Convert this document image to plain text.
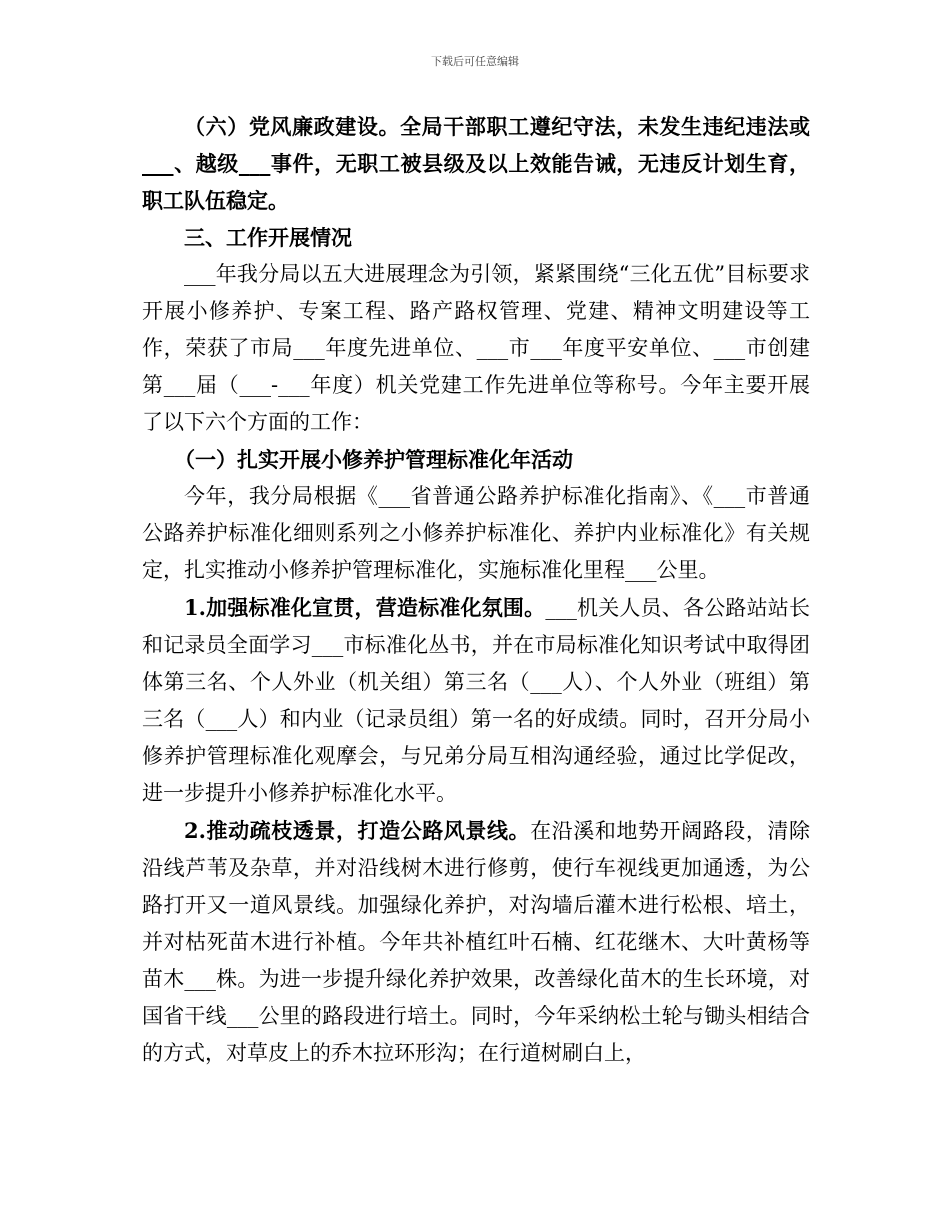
下载后可任意编辑

（六）党风廉政建设。全局干部职工遵纪守法，未发生违纪违法或___、越级___事件，无职工被县级及以上效能告诫，无违反计划生育，职工队伍稳定。

三、工作开展情况

___年我分局以五大进展理念为引领，紧紧围绕“三化五优”目标要求开展小修养护、专案工程、路产路权管理、党建、精神文明建设等工作，荣获了市局___年度先进单位、___市___年度平安单位、___市创建第___届（___-___年度）机关党建工作先进单位等称号。今年主要开展了以下六个方面的工作：

（一）扎实开展小修养护管理标准化年活动

今年，我分局根据《___省普通公路养护标准化指南》、《___市普通公路养护标准化细则系列之小修养护标准化、养护内业标准化》有关规定，扎实推动小修养护管理标准化，实施标准化里程___公里。

1.加强标准化宣贯，营造标准化氛围。___机关人员、各公路站站长和记录员全面学习___市标准化丛书，并在市局标准化知识考试中取得团体第三名、个人外业（机关组）第三名（___人）、个人外业（班组）第三名（___人）和内业（记录员组）第一名的好成绩。同时，召开分局小修养护管理标准化观摩会，与兄弟分局互相沟通经验，通过比学促改，进一步提升小修养护标准化水平。

2.推动疏枝透景，打造公路风景线。在沿溪和地势开阔路段，清除沿线芦苇及杂草，并对沿线树木进行修剪，使行车视线更加通透，为公路打开又一道风景线。加强绿化养护，对沟墙后灌木进行松根、培土，并对枯死苗木进行补植。今年共补植红叶石楠、红花继木、大叶黄杨等苗木___株。为进一步提升绿化养护效果，改善绿化苗木的生长环境，对国省干线___公里的路段进行培土。同时，今年采纳松土轮与锄头相结合的方式，对草皮上的乔木拉环形沟；在行道树刷白上，
